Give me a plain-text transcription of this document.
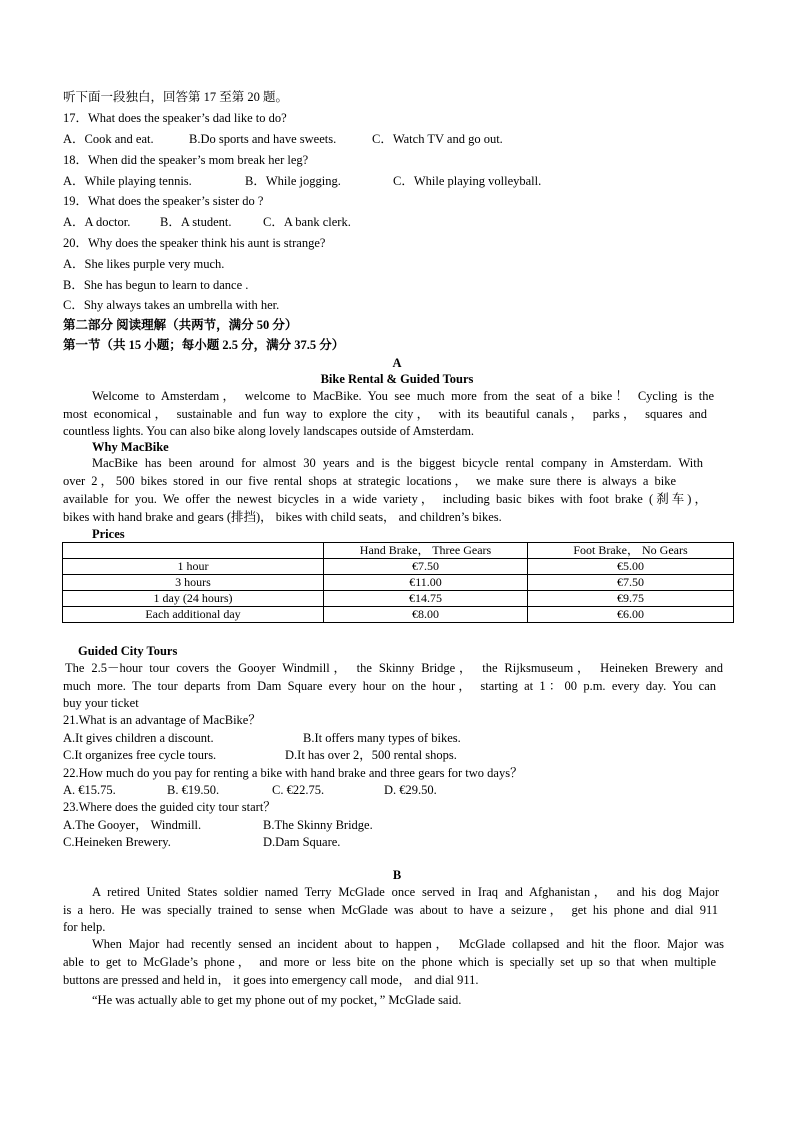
听下面一段独白，回答第 17 至第 20 题。
17．What does the speaker’s dad like to do?
A．Cook and eat.	B.Do sports and have sweets.	C．Watch TV and go out.
18．When did the speaker’s mom break her leg?
A．While playing tennis.	B．While jogging.	C．While playing volleyball.
19．What does the speaker’s sister do ?
A．A doctor. B．A student.	C．A bank clerk.
20．Why does the speaker think his aunt is strange?
A．She likes purple very much.
B．She has begun to learn to dance .
C．Shy always takes an umbrella with her.
第二部分 阅读理解（共两节，满分 50 分）
第一节（共 15 小题；每小题 2.5 分，满分 37.5 分）
A
Bike Rental & Guided Tours
Welcome to Amsterdam， welcome to MacBike. You see much more from the seat of a bike！ Cycling is the
most economical， sustainable and fun way to explore the city， with its beautiful canals， parks， squares and
countless lights. You can also bike along lovely landscapes outside of Amsterdam.
Why MacBike
MacBike has been around for almost 30 years and is the biggest bicycle rental company in Amsterdam. With
over 2，500 bikes stored in our five rental shops at strategic locations， we make sure there is always a bike
available for you. We offer the newest bicycles in a wide variety， including basic bikes with foot brake (刹车)，
bikes with hand brake and gears (排挡)， bikes with child seats， and children’s bikes.
Prices
	Hand Brake， Three Gears	Foot Brake， No Gears
1 hour	€7.50	€5.00
3 hours	€11.00	€7.50
1 day (24 hours)	€14.75	€9.75
Each additional day	€8.00	€6.00
Guided City Tours
The 2.5－hour tour covers the Gooyer Windmill， the Skinny Bridge， the Rijksmuseum， Heineken Brewery and
much more. The tour departs from Dam Square every hour on the hour， starting at 1：00 p.m. every day. You can
buy your ticket
21.What is an advantage of MacBike？
A.It gives children a discount.	B.It offers many types of bikes.
C.It organizes free cycle tours.	D.It has over 2，500 rental shops.
22.How much do you pay for renting a bike with hand brake and three gears for two days？
A. €15.75.	B. €19.50.	C. €22.75.	D. €29.50.
23.Where does the guided city tour start？
A.The Gooyer， Windmill.	B.The Skinny Bridge.
C.Heineken Brewery.	D.Dam Square.
B
A retired United States soldier named Terry McGlade once served in Iraq and Afghanistan， and his dog Major
is a hero. He was specially trained to sense when McGlade was about to have a seizure， get his phone and dial 911
for help.
When Major had recently sensed an incident about to happen， McGlade collapsed and hit the floor. Major was
able to get to McGlade’s phone， and more or less bite on the phone which is specially set up so that when multiple
buttons are pressed and held in， it goes into emergency call mode， and dial 911.
“He was actually able to get my phone out of my pocket，” McGlade said.
